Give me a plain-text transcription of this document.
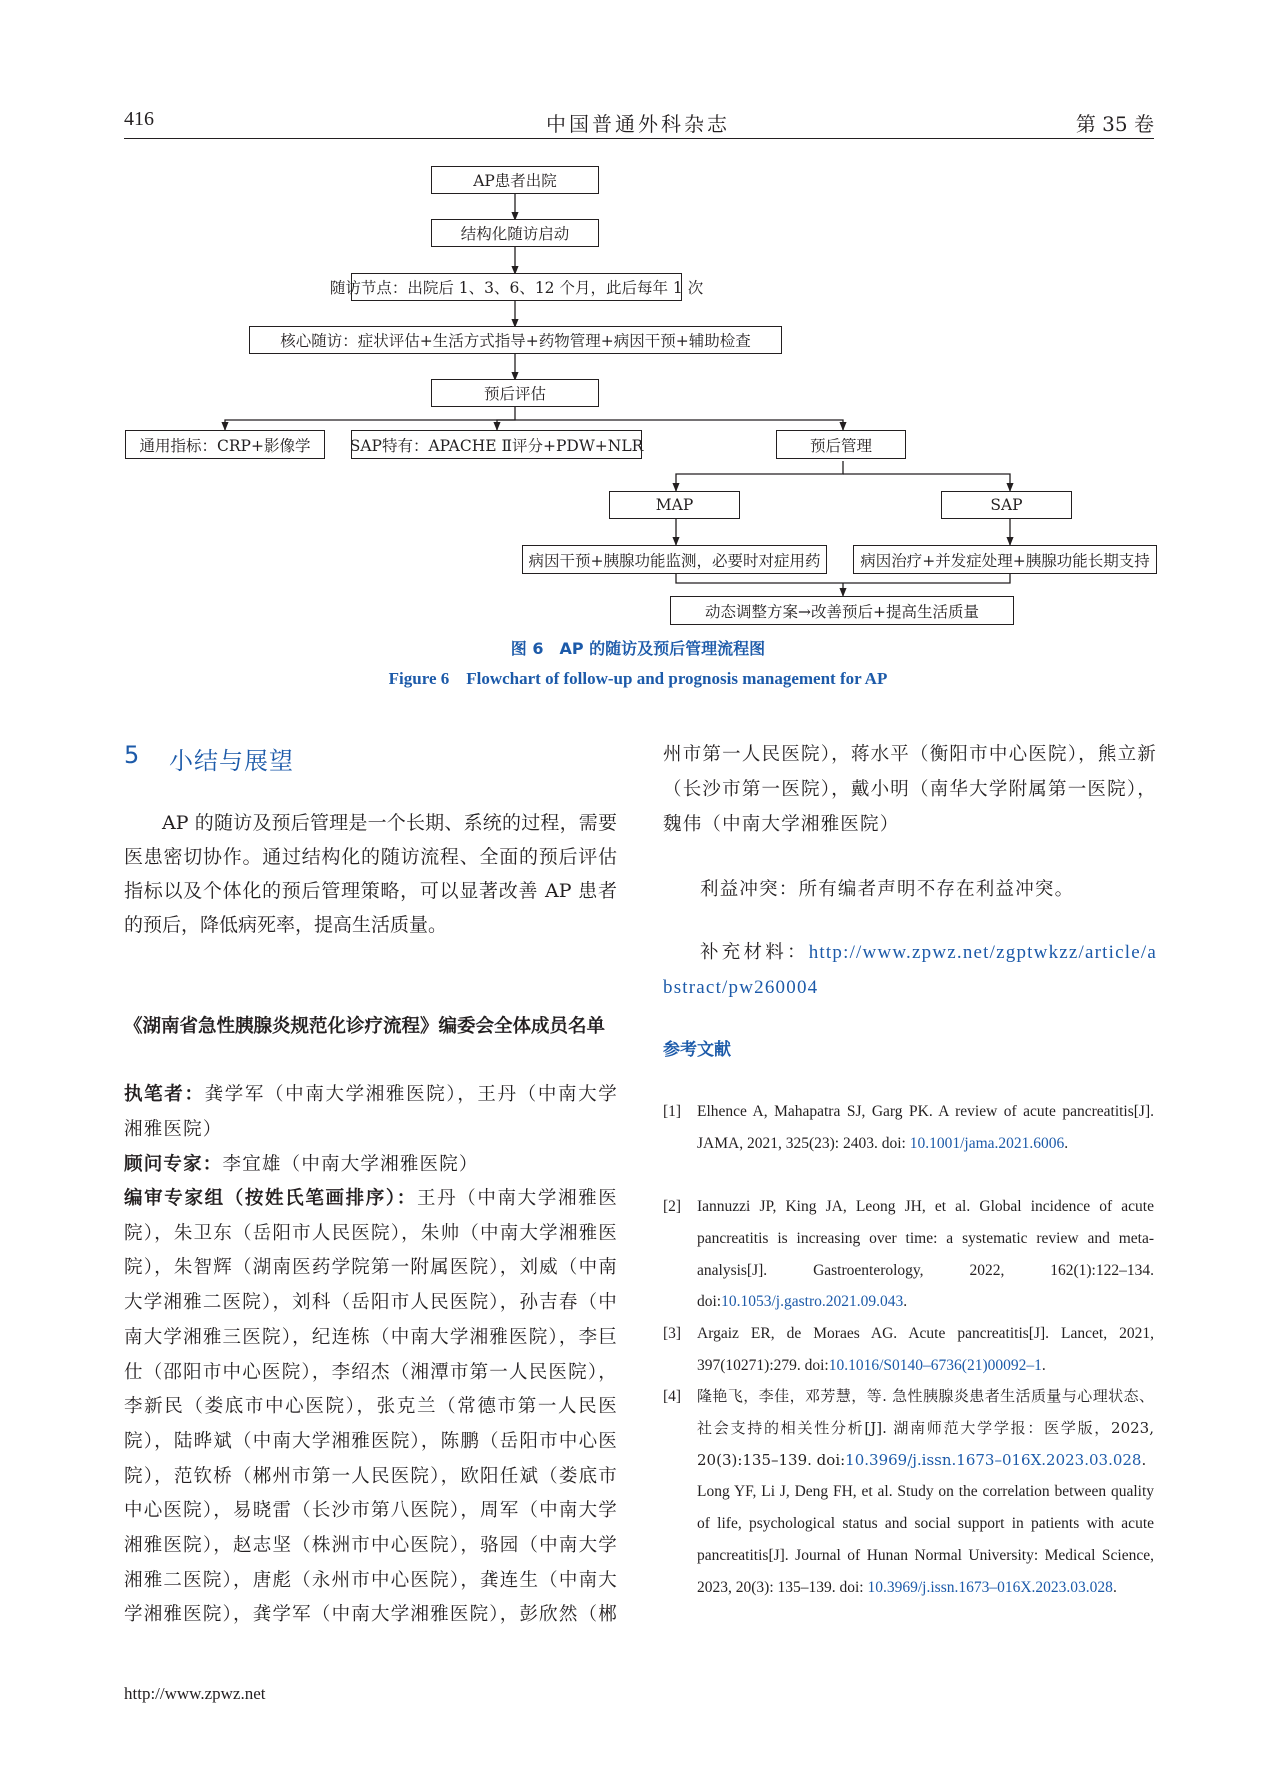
416	中国普通外科杂志	第 35 卷
AP患者出院
结构化随访启动
随访节点：出院后 1、3、6、12 个月，此后每年 1 次
核心随访：症状评估+生活方式指导+药物管理+病因干预+辅助检查
预后评估
通用指标：CRP+影像学	SAP特有：APACHE Ⅱ评分+PDW+NLR	预后管理
MAP	SAP
病因干预+胰腺功能监测，必要时对症用药	病因治疗+并发症处理+胰腺功能长期支持
动态调整方案→改善预后+提高生活质量
图 6　AP 的随访及预后管理流程图
Figure 6　Flowchart of follow-up and prognosis management for AP
5 小结与展望
AP 的随访及预后管理是一个长期、系统的过程，需要医患密切协作。通过结构化的随访流程、全面的预后评估指标以及个体化的预后管理策略，可以显著改善 AP 患者的预后，降低病死率，提高生活质量。
《湖南省急性胰腺炎规范化诊疗流程》编委会全体成员名单
执笔者：龚学军（中南大学湘雅医院），王丹（中南大学湘雅医院）
顾问专家：李宜雄（中南大学湘雅医院）
编审专家组（按姓氏笔画排序）：王丹（中南大学湘雅医院），朱卫东（岳阳市人民医院），朱帅（中南大学湘雅医院），朱智辉（湖南医药学院第一附属医院），刘威（中南大学湘雅二医院），刘科（岳阳市人民医院），孙吉春（中南大学湘雅三医院），纪连栋（中南大学湘雅医院），李巨仕（邵阳市中心医院），李绍杰（湘潭市第一人民医院），李新民（娄底市中心医院），张克兰（常德市第一人民医院），陆晔斌（中南大学湘雅医院），陈鹏（岳阳市中心医院），范钦桥（郴州市第一人民医院），欧阳任斌（娄底市中心医院），易晓雷（长沙市第八医院），周军（中南大学湘雅医院），赵志坚（株洲市中心医院），骆园（中南大学湘雅二医院），唐彪（永州市中心医院），龚连生（中南大学湘雅医院），龚学军（中南大学湘雅医院），彭欣然（郴
州市第一人民医院），蒋水平（衡阳市中心医院），熊立新（长沙市第一医院），戴小明（南华大学附属第一医院），魏伟（中南大学湘雅医院）
利益冲突：所有编者声明不存在利益冲突。
补充材料：http://www.zpwz.net/zgptwkzz/article/abstract/pw260004
参考文献
[1] Elhence A, Mahapatra SJ, Garg PK. A review of acute pancreatitis[J]. JAMA, 2021, 325(23): 2403. doi: 10.1001/jama.2021.6006.
[2] Iannuzzi JP, King JA, Leong JH, et al. Global incidence of acute pancreatitis is increasing over time: a systematic review and meta-analysis[J]. Gastroenterology, 2022, 162(1):122–134. doi:10.1053/j.gastro.2021.09.043.
[3] Argaiz ER, de Moraes AG. Acute pancreatitis[J]. Lancet, 2021, 397(10271):279. doi:10.1016/S0140–6736(21)00092–1.
[4] 隆艳飞，李佳，邓芳慧，等. 急性胰腺炎患者生活质量与心理状态、社会支持的相关性分析[J]. 湖南师范大学学报：医学版，2023, 20(3):135–139. doi:10.3969/j.issn.1673–016X.2023.03.028.
Long YF, Li J, Deng FH, et al. Study on the correlation between quality of life, psychological status and social support in patients with acute pancreatitis[J]. Journal of Hunan Normal University: Medical Science, 2023, 20(3): 135–139. doi: 10.3969/j.issn.1673–016X.2023.03.028.
http://www.zpwz.net
